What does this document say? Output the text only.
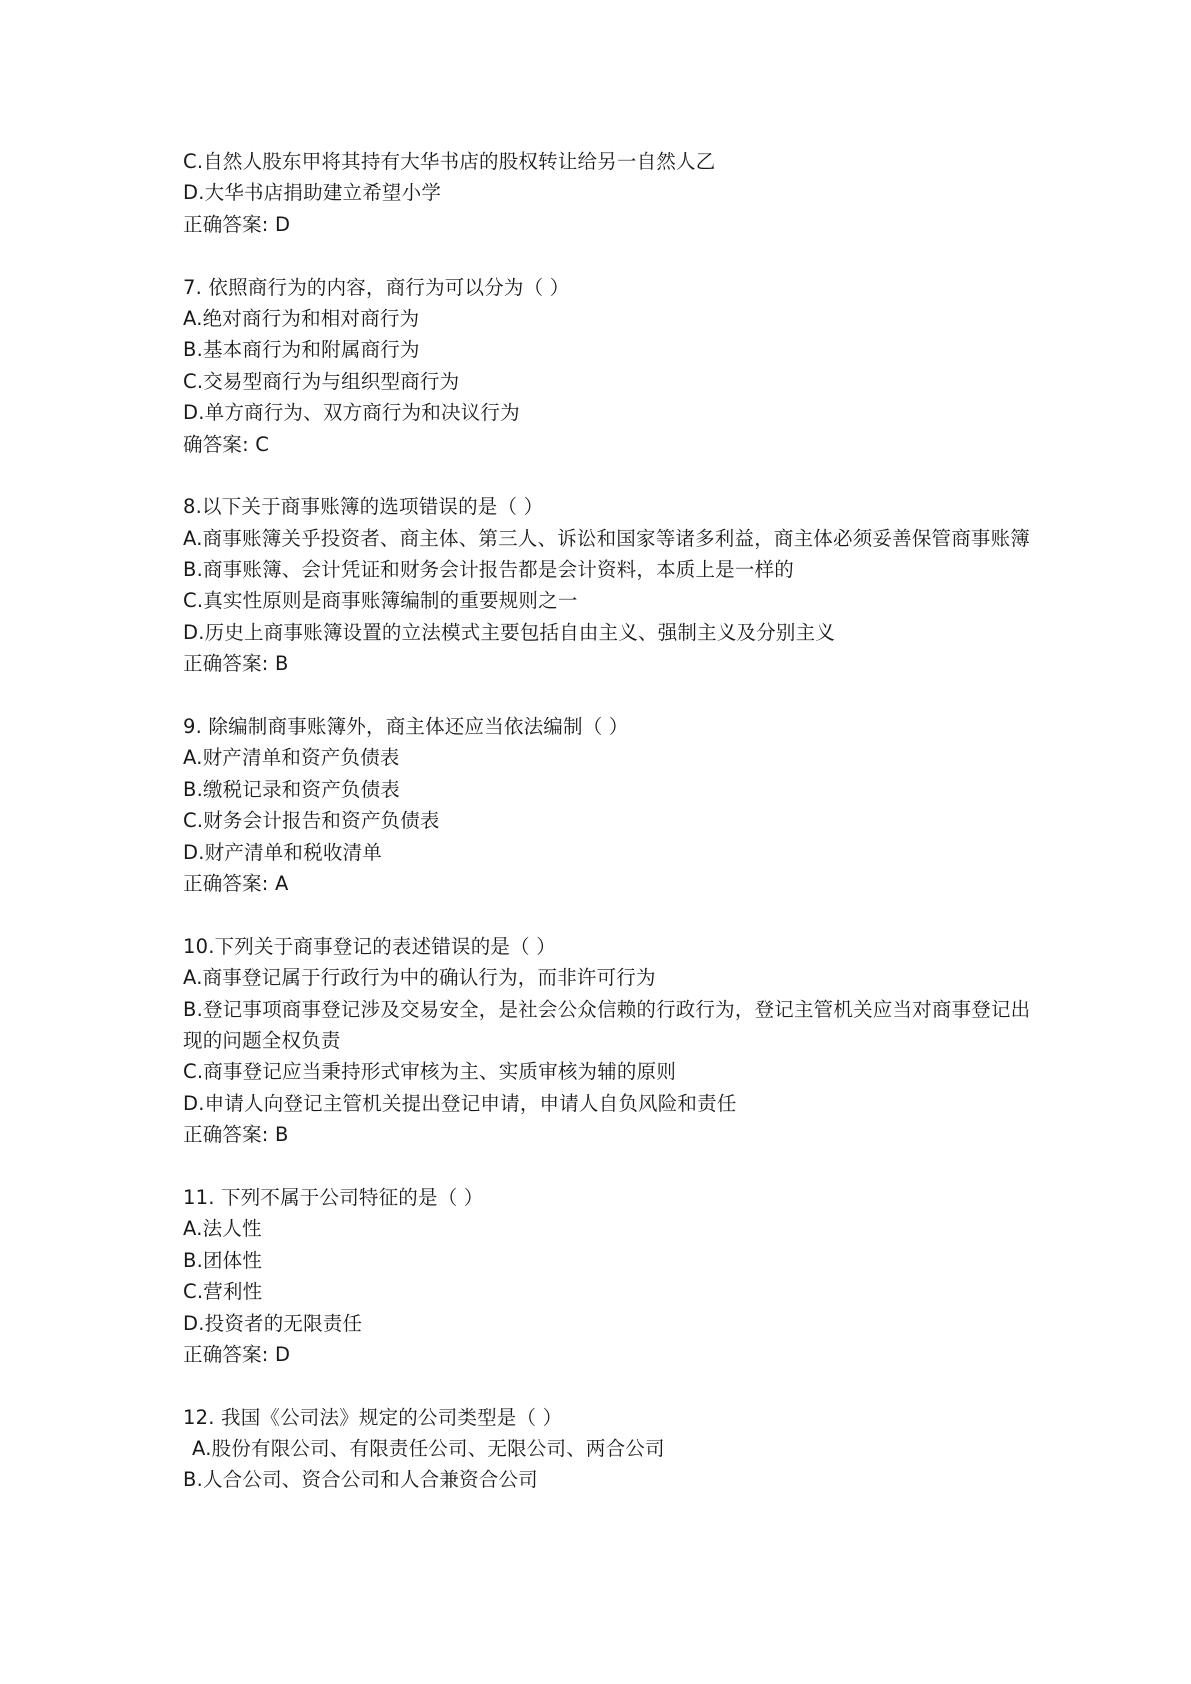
C.自然人股东甲将其持有大华书店的股权转让给另一自然人乙
D.大华书店捐助建立希望小学
正确答案: D
7. 依照商行为的内容，商行为可以分为（ ）
A.绝对商行为和相对商行为
B.基本商行为和附属商行为
C.交易型商行为与组织型商行为
D.单方商行为、双方商行为和决议行为
确答案: C
8.以下关于商事账簿的选项错误的是（ ）
A.商事账簿关乎投资者、商主体、第三人、诉讼和国家等诸多利益，商主体必须妥善保管商事账簿
B.商事账簿、会计凭证和财务会计报告都是会计资料，本质上是一样的
C.真实性原则是商事账簿编制的重要规则之一
D.历史上商事账簿设置的立法模式主要包括自由主义、强制主义及分别主义
正确答案: B
9. 除编制商事账簿外，商主体还应当依法编制（ ）
A.财产清单和资产负债表
B.缴税记录和资产负债表
C.财务会计报告和资产负债表
D.财产清单和税收清单
正确答案: A
10.下列关于商事登记的表述错误的是（ ）
A.商事登记属于行政行为中的确认行为，而非许可行为
B.登记事项商事登记涉及交易安全，是社会公众信赖的行政行为，登记主管机关应当对商事登记出现的问题全权负责
C.商事登记应当秉持形式审核为主、实质审核为辅的原则
D.申请人向登记主管机关提出登记申请，申请人自负风险和责任
正确答案: B
11. 下列不属于公司特征的是（ ）
A.法人性
B.团体性
C.营利性
D.投资者的无限责任
正确答案: D
12. 我国《公司法》规定的公司类型是（ ）
A.股份有限公司、有限责任公司、无限公司、两合公司
B.人合公司、资合公司和人合兼资合公司
